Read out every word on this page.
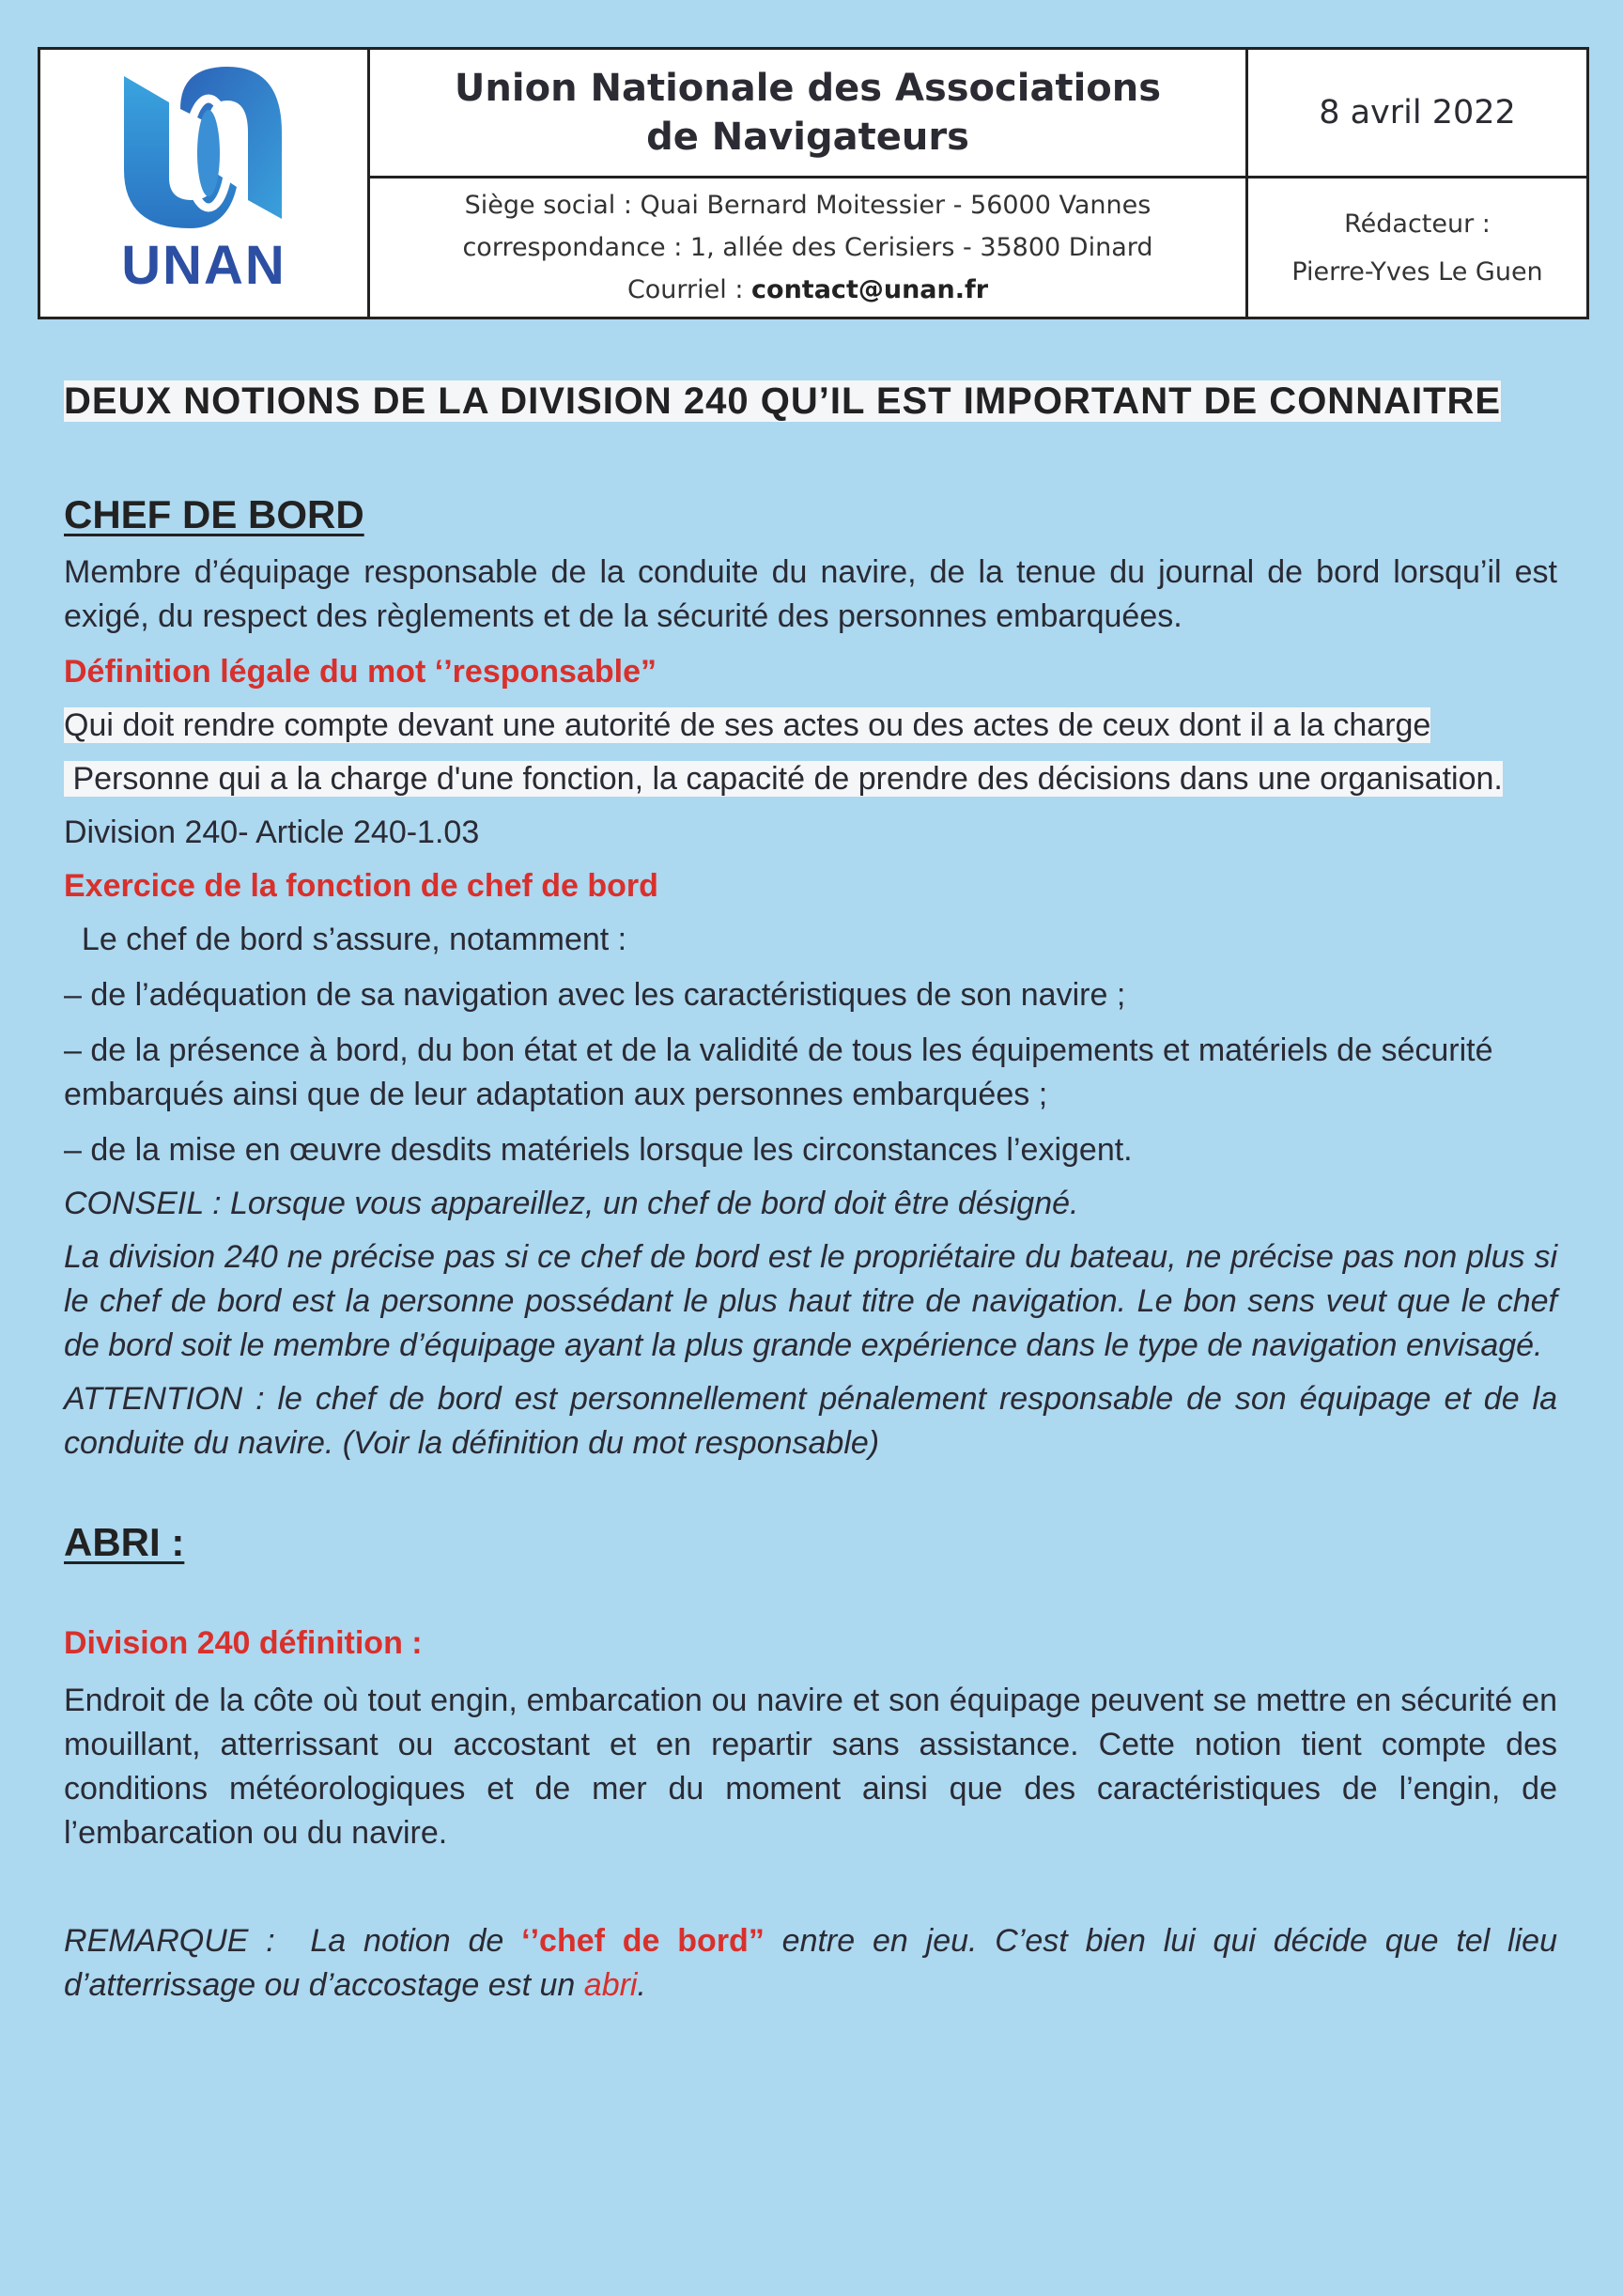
UNAN
Union Nationale des Associations
de Navigateurs
8 avril 2022
Siège social : Quai Bernard Moitessier - 56000 Vannes
correspondance : 1, allée des Cerisiers - 35800 Dinard
Courriel : contact@unan.fr
Rédacteur :
Pierre-Yves Le Guen
DEUX NOTIONS DE LA DIVISION 240 QU’IL EST IMPORTANT DE CONNAITRE
CHEF DE BORD

Membre d’équipage responsable de la conduite du navire, de la tenue du journal de bord lorsqu’il est exigé, du respect des règlements et de la sécurité des personnes embarquées.

Définition légale du mot ‘’responsable”

Qui doit rendre compte devant une autorité de ses actes ou des actes de ceux dont il a la charge

Personne qui a la charge d'une fonction, la capacité de prendre des décisions dans une organisation.

Division 240- Article 240-1.03

Exercice de la fonction de chef de bord

Le chef de bord s’assure, notamment :

– de l’adéquation de sa navigation avec les caractéristiques de son navire ;

– de la présence à bord, du bon état et de la validité de tous les équipements et matériels de sécurité embarqués ainsi que de leur adaptation aux personnes embarquées ;

– de la mise en œuvre desdits matériels lorsque les circonstances l’exigent.

CONSEIL : Lorsque vous appareillez, un chef de bord doit être désigné.

La division 240 ne précise pas si ce chef de bord est le propriétaire du bateau, ne précise pas non plus si le chef de bord est la personne possédant le plus haut titre de navigation. Le bon sens veut que le chef de bord soit le membre d’équipage ayant la plus grande expérience dans le type de navigation envisagé.

ATTENTION : le chef de bord est personnellement pénalement responsable de son équipage et de la conduite du navire. (Voir la définition du mot responsable)

ABRI :

Division 240 définition :

Endroit de la côte où tout engin, embarcation ou navire et son équipage peuvent se mettre en sécurité en mouillant, atterrissant ou accostant et en repartir sans assistance. Cette notion tient compte des conditions météorologiques et de mer du moment ainsi que des caractéristiques de l’engin, de l’embarcation ou du navire.

REMARQUE :  La notion de ‘’chef de bord” entre en jeu. C’est bien lui qui décide que tel lieu d’atterrissage ou d’accostage est un abri.
